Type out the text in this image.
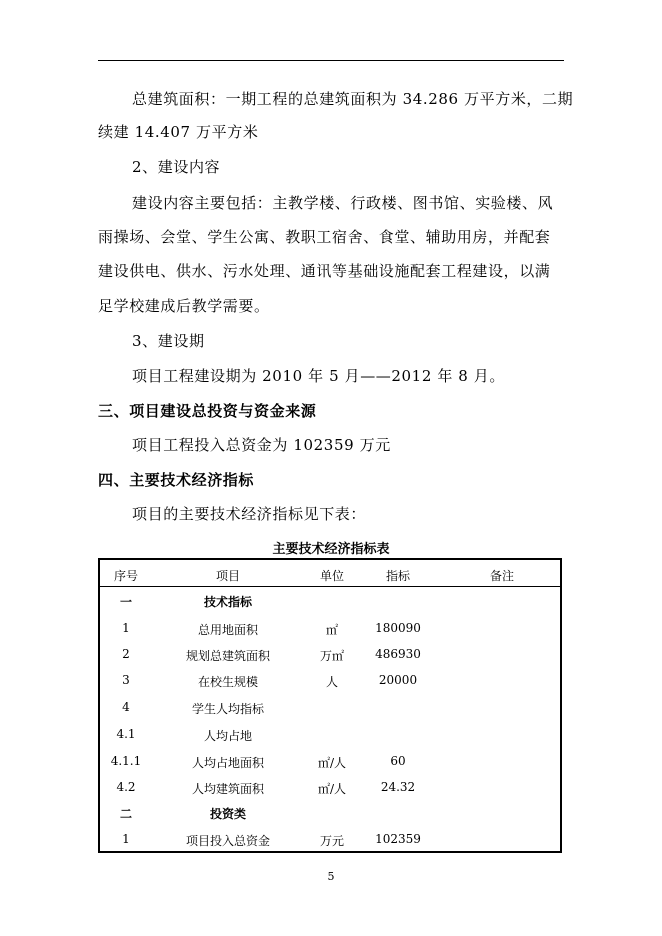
总建筑面积：一期工程的总建筑面积为 34.286 万平方米，二期
续建 14.407 万平方米
2、建设内容
建设内容主要包括：主教学楼、行政楼、图书馆、实验楼、风
雨操场、会堂、学生公寓、教职工宿舍、食堂、辅助用房，并配套
建设供电、供水、污水处理、通讯等基础设施配套工程建设，以满
足学校建成后教学需要。
3、建设期
项目工程建设期为 2010 年 5 月——2012 年 8 月。
三、项目建设总投资与资金来源
项目工程投入总资金为 102359 万元
四、主要技术经济指标
项目的主要技术经济指标见下表：
主要技术经济指标表
序号	项目	单位	指标	备注
一	技术指标
1	总用地面积	㎡	180090
2	规划总建筑面积	万㎡	486930
3	在校生规模	人	20000
4	学生人均指标
4.1	人均占地
4.1.1	人均占地面积	㎡/人	60
4.2	人均建筑面积	㎡/人	24.32
二	投资类
1	项目投入总资金	万元	102359
5
